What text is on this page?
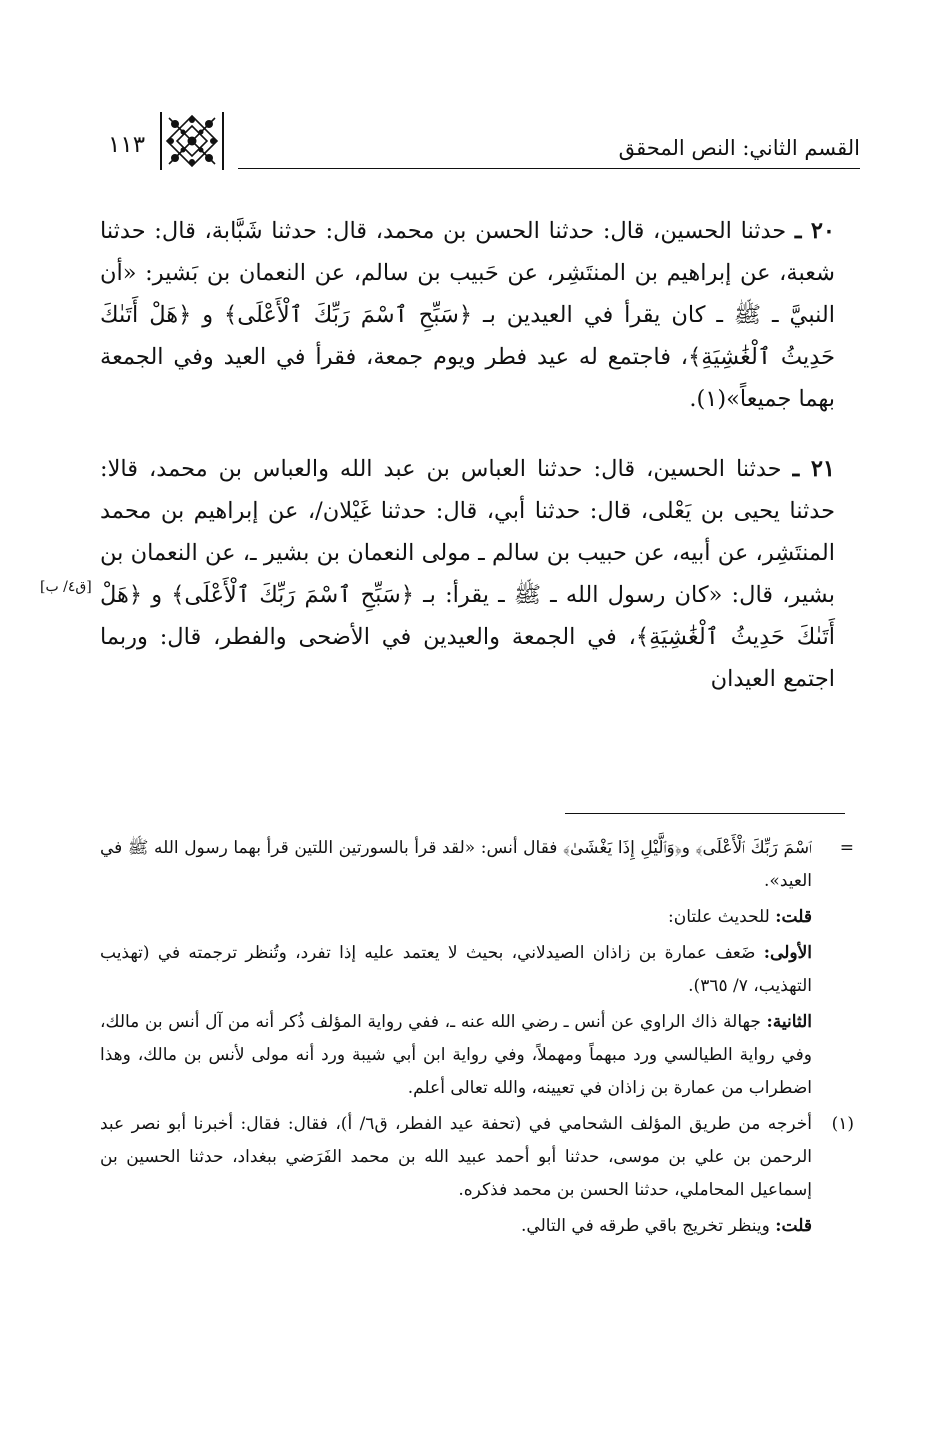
القسم الثاني: النص المحقق
١١٣

٢٠ ـ حدثنا الحسين، قال: حدثنا الحسن بن محمد، قال: حدثنا شَبَّابة، قال: حدثنا شعبة، عن إبراهيم بن المنتَشِر، عن حَبيب بن سالم، عن النعمان بن بَشير: «أن النبيَّ ـ ﷺ ـ كان يقرأ في العيدين بـ ﴿سَبِّحِ ٱسْمَ رَبِّكَ ٱلْأَعْلَى﴾ و ﴿هَلْ أَتَىٰكَ حَدِيثُ ٱلْغَٰشِيَةِ﴾، فاجتمع له عيد فطر ويوم جمعة، فقرأ في العيد وفي الجمعة بهما جميعاً»(١).

٢١ ـ حدثنا الحسين، قال: حدثنا العباس بن عبد الله والعباس بن محمد، قالا: حدثنا يحيى بن يَعْلى، قال: حدثنا أبي، قال: حدثنا غَيْلان/، عن إبراهيم بن محمد المنتَشِر، عن أبيه، عن حبيب بن سالم ـ مولى النعمان بن بشير ـ، عن النعمان بن بشير، قال: «كان رسول الله ـ ﷺ ـ يقرأ: بـ ﴿سَبِّحِ ٱسْمَ رَبِّكَ ٱلْأَعْلَى﴾ و ﴿هَلْ أَتَىٰكَ حَدِيثُ ٱلْغَٰشِيَةِ﴾، في الجمعة والعيدين في الأضحى والفطر، قال: وربما اجتمع العيدان

[ق٤/ ب]

=
ٱسْمَ رَبِّكَ ٱلْأَعْلَى﴾ و﴿وَٱلَّيْلِ إِذَا يَغْشَىٰ﴾ فقال أنس: «لقد قرأ بالسورتين اللتين قرأ بهما رسول الله ﷺ في العيد».

قلت: للحديث علتان:

الأولى: ضَعف عمارة بن زاذان الصيدلاني، بحيث لا يعتمد عليه إذا تفرد، وتُنظر ترجمته في (تهذيب التهذيب، ٧/ ٣٦٥).

الثانية: جهالة ذاك الراوي عن أنس ـ رضي الله عنه ـ، ففي رواية المؤلف ذُكر أنه من آل أنس بن مالك، وفي رواية الطيالسي ورد مبهماً ومهملاً، وفي رواية ابن أبي شيبة ورد أنه مولى لأنس بن مالك، وهذا اضطراب من عمارة بن زاذان في تعيينه، والله تعالى أعلم.

(١)
أخرجه من طريق المؤلف الشحامي في (تحفة عيد الفطر، ق٦/ أ)، فقال: فقال: أخبرنا أبو نصر عبد الرحمن بن علي بن موسى، حدثنا أبو أحمد عبيد الله بن محمد الفَرَضي ببغداد، حدثنا الحسين بن إسماعيل المحاملي، حدثنا الحسن بن محمد فذكره.

قلت: وينظر تخريج باقي طرقه في التالي.
